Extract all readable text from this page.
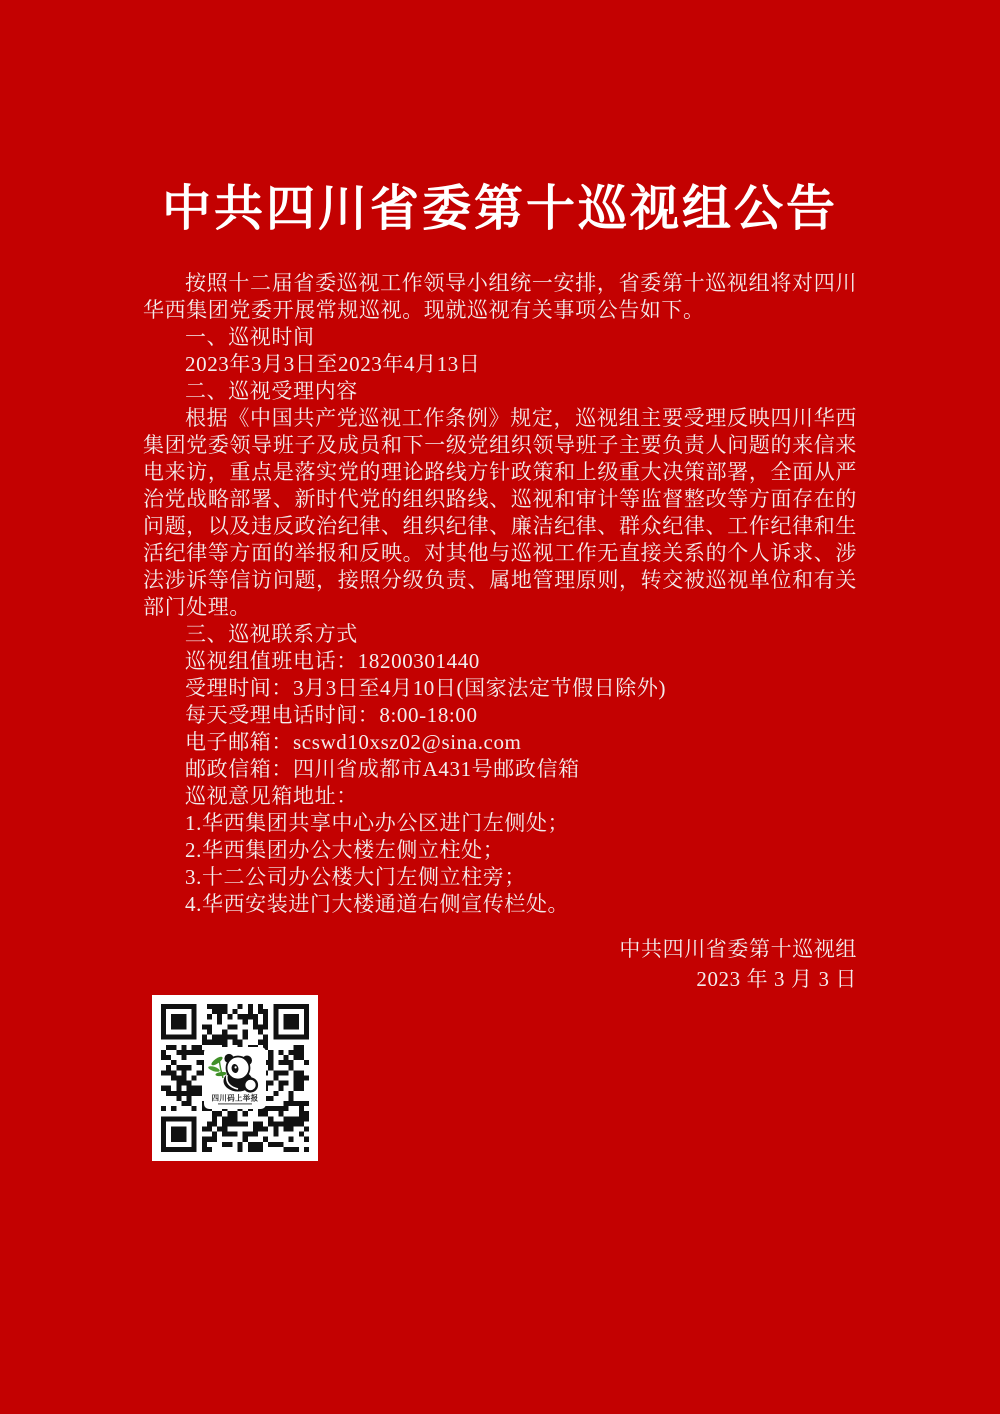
中共四川省委第十巡视组公告

按照十二届省委巡视工作领导小组统一安排，省委第十巡视组将对四川华西集团党委开展常规巡视。现就巡视有关事项公告如下。

一、巡视时间

2023年3月3日至2023年4月13日

二、巡视受理内容

根据《中国共产党巡视工作条例》规定，巡视组主要受理反映四川华西集团党委领导班子及成员和下一级党组织领导班子主要负责人问题的来信来电来访，重点是落实党的理论路线方针政策和上级重大决策部署，全面从严治党战略部署、新时代党的组织路线、巡视和审计等监督整改等方面存在的问题，以及违反政治纪律、组织纪律、廉洁纪律、群众纪律、工作纪律和生活纪律等方面的举报和反映。对其他与巡视工作无直接关系的个人诉求、涉法涉诉等信访问题，接照分级负责、属地管理原则，转交被巡视单位和有关部门处理。

三、巡视联系方式

巡视组值班电话：18200301440

受理时间：3月3日至4月10日(国家法定节假日除外)

每天受理电话时间：8:00-18:00

电子邮箱：scswd10xsz02@sina.com

邮政信箱：四川省成都市A431号邮政信箱

巡视意见箱地址：

1.华西集团共享中心办公区进门左侧处；

2.华西集团办公大楼左侧立柱处；

3.十二公司办公楼大门左侧立柱旁；

4.华西安装进门大楼通道右侧宣传栏处。

中共四川省委第十巡视组
2023 年 3 月 3 日
四川码上举报
